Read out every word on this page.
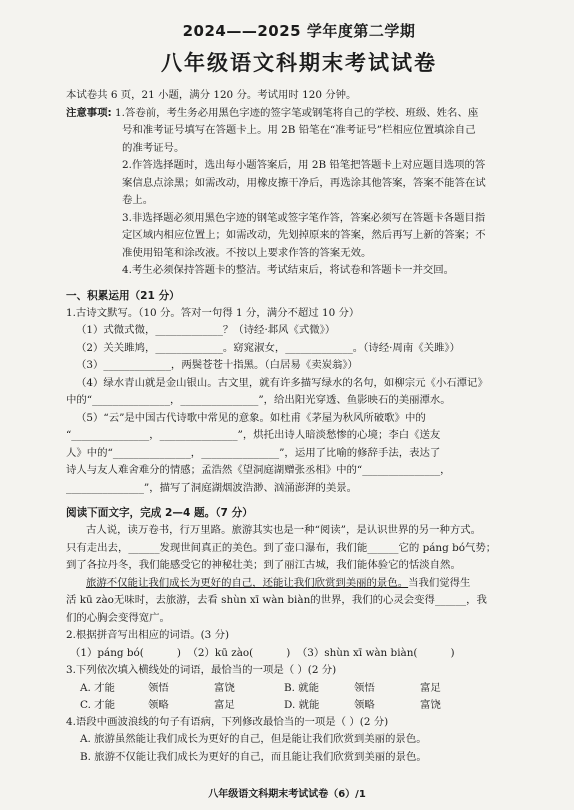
2024——2025 学年度第二学期
八年级语文科期末考试试卷

本试卷共 6 页，21 小题，满分 120 分。考试用时 120 分钟。

注意事项: 1.答卷前，考生务必用黑色字迹的签字笔或钢笔将自己的学校、班级、姓名、座

号和准考证号填写在答题卡上。用 2B 铅笔在“准考证号”栏相应位置填涂自己

的准考证号。

2.作答选择题时，选出每小题答案后，用 2B 铅笔把答题卡上对应题目选项的答

案信息点涂黑；如需改动，用橡皮擦干净后，再选涂其他答案，答案不能答在试

卷上。

3.非选择题必须用黑色字迹的钢笔或签字笔作答，答案必须写在答题卡各题目指

定区域内相应位置上；如需改动，先划掉原来的答案，然后再写上新的答案；不

准使用铅笔和涂改液。不按以上要求作答的答案无效。

4.考生必须保持答题卡的整洁。考试结束后，将试卷和答题卡一并交回。

一、积累运用（21 分）

1.古诗文默写。（10 分。答对一句得 1 分，满分不超过 10 分）

（1）式微式微，_____________？（诗经·邶风《式微》）

（2）关关雎鸠，_____________。窈窕淑女，_____________。（诗经·周南《关雎》）

（3）_____________，两鬓苍苍十指黑。（白居易《卖炭翁》）

（4）绿水青山就是金山银山。古文里，就有许多描写绿水的名句，如柳宗元《小石潭记》

中的“_______________，_______________”，给出阳光穿透、鱼影映石的美丽潭水。

（5）“云”是中国古代诗歌中常见的意象。如杜甫《茅屋为秋风所破歌》中的

“_______________，_______________”，烘托出诗人暗淡愁惨的心境；李白《送友

人》中的“_______________，_______________”，运用了比喻的修辞手法，表达了

诗人与友人难舍难分的情感；孟浩然《望洞庭湖赠张丞相》中的“_______________，

_______________”，描写了洞庭湖烟波浩渺、汹涌澎湃的美景。

阅读下面文字，完成 2—4 题。（7 分）

古人说，读万卷书，行万里路。旅游其实也是一种“阅读”，是认识世界的另一种方式。

只有走出去，______发现世间真正的美色。到了壶口瀑布，我们能______它的 páng bó气势；

到了各拉丹冬，我们能感受它的神秘壮美；到了丽江古城，我们能体验它的恬淡自然。

旅游不仅能让我们成长为更好的自己，还能让我们欣赏到美丽的景色。当我们觉得生

活 kū zào无味时，去旅游，去看 shùn xī wàn biàn的世界，我们的心灵会变得______，我

们的心胸会变得宽广。

2.根据拼音写出相应的词语。(3 分)

（1）páng bó(          )  （2）kū zào(          )  （3）shùn xī wàn biàn(          )

3.下列依次填入横线处的词语，最恰当的一项是（ ）(2 分)

A. 才能	领悟	富饶	B. 就能	领悟	富足
C. 才能	领略	富足	D. 就能	领略	富饶

4.语段中画波浪线的句子有语病，下列修改最恰当的一项是（ ）(2 分)

A. 旅游虽然能让我们成长为更好的自己，但是能让我们欣赏到美丽的景色。

B. 旅游不仅能让我们成长为更好的自己，而且能让我们欣赏到美丽的景色。

八年级语文科期末考试试卷（6）/1
